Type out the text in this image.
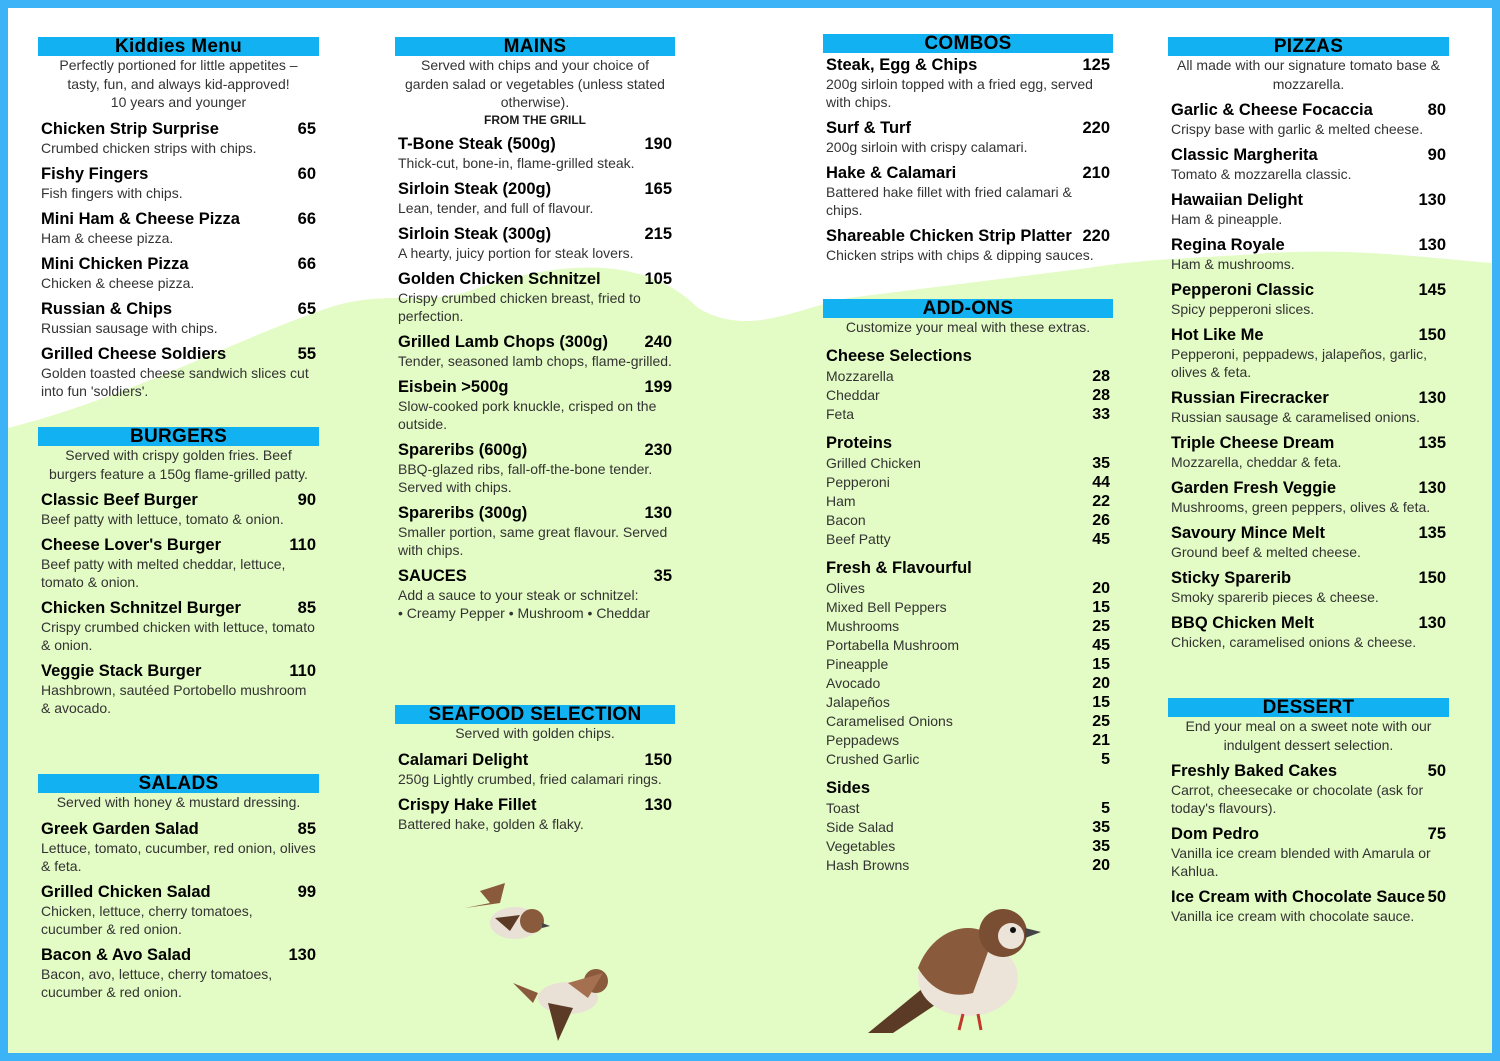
Kiddies Menu
Perfectly portioned for little appetites –
tasty, fun, and always kid-approved!
10 years and younger
Chicken Strip Surprise	65
Crumbed chicken strips with chips.
Fishy Fingers	60
Fish fingers with chips.
Mini Ham & Cheese Pizza	66
Ham & cheese pizza.
Mini Chicken Pizza	66
Chicken & cheese pizza.
Russian & Chips	65
Russian sausage with chips.
Grilled Cheese Soldiers	55
Golden toasted cheese sandwich slices cut into fun 'soldiers'.
BURGERS
Served with crispy golden fries. Beef burgers feature a 150g flame-grilled patty.
Classic Beef Burger	90
Beef patty with lettuce, tomato & onion.
Cheese Lover's Burger	110
Beef patty with melted cheddar, lettuce, tomato & onion.
Chicken Schnitzel Burger	85
Crispy crumbed chicken with lettuce, tomato & onion.
Veggie Stack Burger	110
Hashbrown, sautéed Portobello mushroom & avocado.
SALADS
Served with honey & mustard dressing.
Greek Garden Salad	85
Lettuce, tomato, cucumber, red onion, olives & feta.
Grilled Chicken Salad	99
Chicken, lettuce, cherry tomatoes, cucumber & red onion.
Bacon & Avo Salad	130
Bacon, avo, lettuce, cherry tomatoes, cucumber & red onion.
MAINS
Served with chips and your choice of garden salad or vegetables (unless stated otherwise).
FROM THE GRILL
T-Bone Steak (500g)	190
Thick-cut, bone-in, flame-grilled steak.
Sirloin Steak (200g)	165
Lean, tender, and full of flavour.
Sirloin Steak (300g)	215
A hearty, juicy portion for steak lovers.
Golden Chicken Schnitzel	105
Crispy crumbed chicken breast, fried to perfection.
Grilled Lamb Chops (300g) 240
Tender, seasoned lamb chops, flame-grilled.
Eisbein >500g	199
Slow-cooked pork knuckle, crisped on the outside.
Spareribs (600g)	230
BBQ-glazed ribs, fall-off-the-bone tender. Served with chips.
Spareribs (300g)	130
Smaller portion, same great flavour. Served with chips.
SAUCES	35
Add a sauce to your steak or schnitzel:
• Creamy Pepper • Mushroom • Cheddar
SEAFOOD SELECTION
Served with golden chips.
Calamari Delight	150
250g Lightly crumbed, fried calamari rings.
Crispy Hake Fillet	130
Battered hake, golden & flaky.
COMBOS
Steak, Egg & Chips	125
200g sirloin topped with a fried egg, served with chips.
Surf & Turf	220
200g sirloin with crispy calamari.
Hake & Calamari	210
Battered hake fillet with fried calamari & chips.
Shareable Chicken Strip Platter 220
Chicken strips with chips & dipping sauces.
ADD-ONS
Customize your meal with these extras.
Cheese Selections
Mozzarella	28
Cheddar	28
Feta	33
Proteins
Grilled Chicken	35
Pepperoni	44
Ham	22
Bacon	26
Beef Patty	45
Fresh & Flavourful
Olives	20
Mixed Bell Peppers	15
Mushrooms	25
Portabella Mushroom	45
Pineapple	15
Avocado	20
Jalapeños	15
Caramelised Onions	25
Peppadews	21
Crushed Garlic	5
Sides
Toast	5
Side Salad	35
Vegetables	35
Hash Browns	20
PIZZAS
All made with our signature tomato base & mozzarella.
Garlic & Cheese Focaccia	80
Crispy base with garlic & melted cheese.
Classic Margherita	90
Tomato & mozzarella classic.
Hawaiian Delight	130
Ham & pineapple.
Regina Royale	130
Ham & mushrooms.
Pepperoni Classic	145
Spicy pepperoni slices.
Hot Like Me	150
Pepperoni, peppadews, jalapeños, garlic, olives & feta.
Russian Firecracker	130
Russian sausage & caramelised onions.
Triple Cheese Dream	135
Mozzarella, cheddar & feta.
Garden Fresh Veggie	130
Mushrooms, green peppers, olives & feta.
Savoury Mince Melt	135
Ground beef & melted cheese.
Sticky Sparerib	150
Smoky sparerib pieces & cheese.
BBQ Chicken Melt	130
Chicken, caramelised onions & cheese.
DESSERT
End your meal on a sweet note with our indulgent dessert selection.
Freshly Baked Cakes	50
Carrot, cheesecake or chocolate (ask for today's flavours).
Dom Pedro	75
Vanilla ice cream blended with Amarula or Kahlua.
Ice Cream with Chocolate Sauce 50
Vanilla ice cream with chocolate sauce.
